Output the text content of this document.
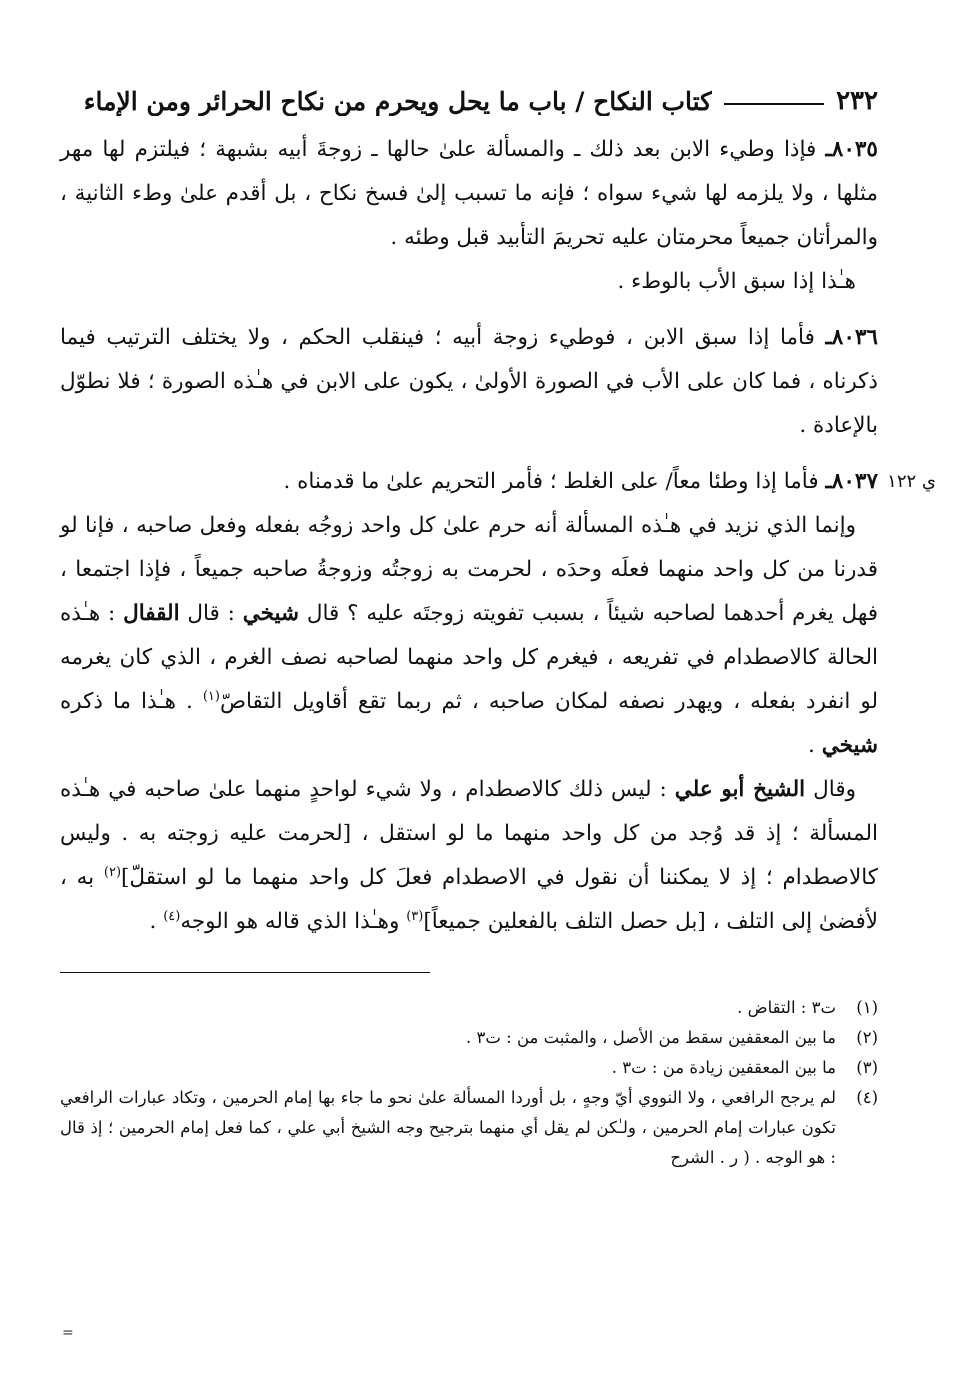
٢٣٢
كتاب النكاح / باب ما يحل ويحرم من نكاح الحرائر ومن الإماء

٨٠٣٥ـ فإذا وطيء الابن بعد ذلك ـ والمسألة علىٰ حالها ـ زوجةَ أبيه بشبهة ؛ فيلتزم لها مهر مثلها ، ولا يلزمه لها شيء سواه ؛ فإنه ما تسبب إلىٰ فسخ نكاح ، بل أقدم علىٰ وطء الثانية ، والمرأتان جميعاً محرمتان عليه تحريمَ التأبيد قبل وطئه .

هـٰذا إذا سبق الأب بالوطء .

٨٠٣٦ـ فأما إذا سبق الابن ، فوطيء زوجة أبيه ؛ فينقلب الحكم ، ولا يختلف الترتيب فيما ذكرناه ، فما كان على الأب في الصورة الأولىٰ ، يكون على الابن في هـٰذه الصورة ؛ فلا نطوّل بالإعادة .

ي ١٢٢
٨٠٣٧ـ فأما إذا وطئا معاً/ على الغلط ؛ فأمر التحريم علىٰ ما قدمناه .

وإنما الذي نزيد في هـٰذه المسألة أنه حرم علىٰ كل واحد زوجُه بفعله وفعل صاحبه ، فإنا لو قدرنا من كل واحد منهما فعلَه وحدَه ، لحرمت به زوجتُه وزوجةُ صاحبه جميعاً ، فإذا اجتمعا ، فهل يغرم أحدهما لصاحبه شيئاً ، بسبب تفويته زوجتَه عليه ؟ قال شيخي : قال القفال : هـٰذه الحالة كالاصطدام في تفريعه ، فيغرم كل واحد منهما لصاحبه نصف الغرم ، الذي كان يغرمه لو انفرد بفعله ، ويهدر نصفه لمكان صاحبه ، ثم ربما تقع أقاويل التقاصّ$^{(١)}$ . هـٰذا ما ذكره شيخي .

وقال الشيخ أبو علي : ليس ذلك كالاصطدام ، ولا شيء لواحدٍ منهما علىٰ صاحبه في هـٰذه المسألة ؛ إذ قد وُجد من كل واحد منهما ما لو استقل ، [لحرمت عليه زوجته به . وليس كالاصطدام ؛ إذ لا يمكننا أن نقول في الاصطدام فعلَ كل واحد منهما ما لو استقلّ]$^{(٢)}$ به ، لأفضىٰ إلى التلف ، [بل حصل التلف بالفعلين جميعاً]$^{(٣)}$ وهـٰذا الذي قاله هو الوجه$^{(٤)}$ .

(١)
ت٣ : التقاض .
(٢)
ما بين المعقفين سقط من الأصل ، والمثبت من : ت٣ .
(٣)
ما بين المعقفين زيادة من : ت٣ .
(٤)
لم يرجح الرافعي ، ولا النووي أيّ وجهٍ ، بل أوردا المسألة علىٰ نحو ما جاء بها إمام الحرمين ، وتكاد عبارات الرافعي تكون عبارات إمام الحرمين ، ولـٰكن لم يقل أي منهما بترجيح وجه الشيخ أبي علي ، كما فعل إمام الحرمين ؛ إذ قال : هو الوجه . ( ر . الشرح
=
